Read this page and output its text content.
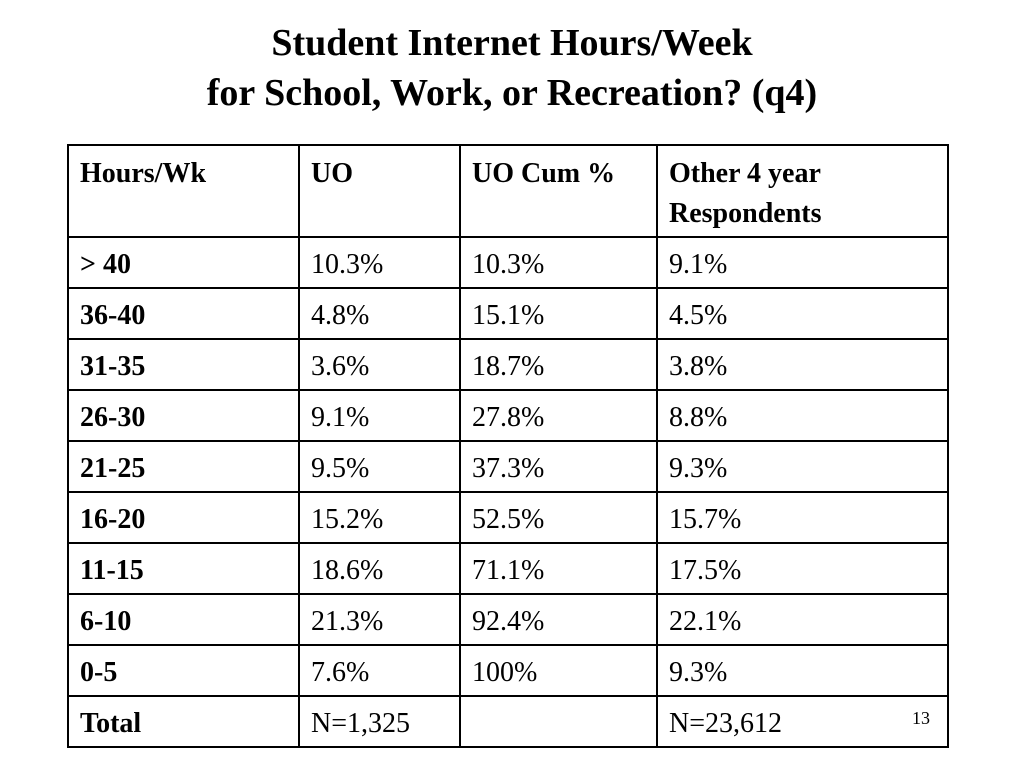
Student Internet Hours/Week
for School, Work, or Recreation? (q4)
Hours/Wk	UO	UO Cum %	Other 4 year Respondents
> 40	10.3%	10.3%	9.1%
36-40	4.8%	15.1%	4.5%
31-35	3.6%	18.7%	3.8%
26-30	9.1%	27.8%	8.8%
21-25	9.5%	37.3%	9.3%
16-20	15.2%	52.5%	15.7%
11-15	18.6%	71.1%	17.5%
6-10	21.3%	92.4%	22.1%
0-5	7.6%	100%	9.3%
Total	N=1,325		N=23,612	13
